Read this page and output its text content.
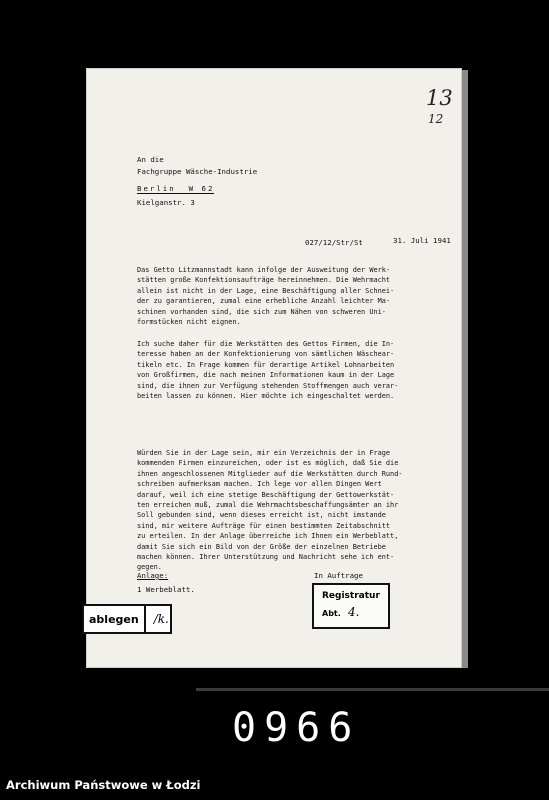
13
12
An die
Fachgruppe Wäsche-Industrie
Berlin  W 62
Kielganstr. 3
027/12/Str/St	31. Juli 1941

Das Getto Litzmannstadt kann infolge der Ausweitung der Werk-
stätten große Konfektionsaufträge hereinnehmen. Die Wehrmacht
allein ist nicht in der Lage, eine Beschäftigung aller Schnei-
der zu garantieren, zumal eine erhebliche Anzahl leichter Ma-
schinen vorhanden sind, die sich zum Nähen von schweren Uni-
formstücken nicht eignen.

Ich suche daher für die Werkstätten des Gettos Firmen, die In-
teresse haben an der Konfektionierung von sämtlichen Wäschear-
tikeln etc. In Frage kommen für derartige Artikel Lohnarbeiten
von Großfirmen, die nach meinen Informationen kaum in der Lage
sind, die ihnen zur Verfügung stehenden Stoffmengen auch verar-
beiten lassen zu können. Hier möchte ich eingeschaltet werden.

Würden Sie in der Lage sein, mir ein Verzeichnis der in Frage
kommenden Firmen einzureichen, oder ist es möglich, daß Sie die
ihnen angeschlossenen Mitglieder auf die Werkstätten durch Rund-
schreiben aufmerksam machen. Ich lege vor allen Dingen Wert
darauf, weil ich eine stetige Beschäftigung der Gettowerkstät-
ten erreichen muß, zumal die Wehrmachtsbeschaffungsämter an ihr
Soll gebunden sind, wenn dieses erreicht ist, nicht imstande
sind, mir weitere Aufträge für einen bestimmten Zeitabschnitt
zu erteilen. In der Anlage überreiche ich Ihnen ein Werbeblatt,
damit Sie sich ein Bild von der Größe der einzelnen Betriebe
machen können. Ihrer Unterstützung und Nachricht sehe ich ent-
gegen.

Anlage:
1 Werbeblatt.
In Auftrage
ablegen	/k.
Registratur
Abt. 4.
0966
Archiwum Państwowe w Łodzi
